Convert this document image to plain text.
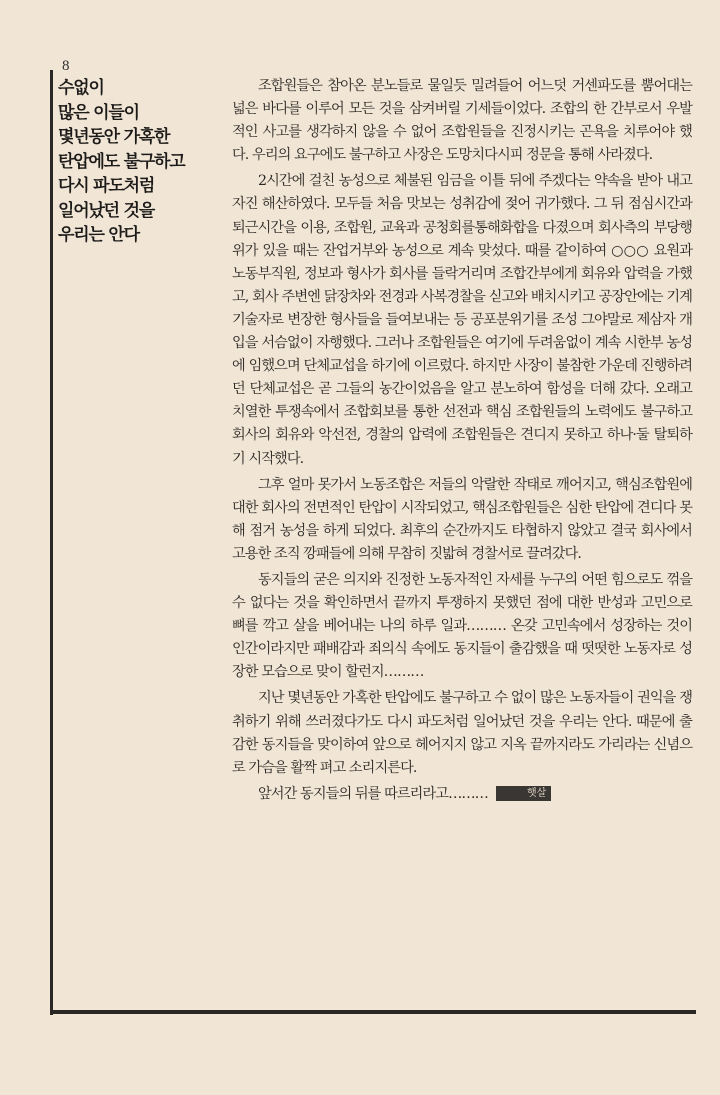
8
수없이
많은 이들이
몇년동안 가혹한
탄압에도 불구하고
다시 파도처럼
일어났던 것을
우리는 안다

조합원들은 참아온 분노들로 물일듯 밀려들어 어느덧 거센파도를 뿜어대는 넓은 바다를 이루어 모든 것을 삼켜버릴 기세들이었다. 조합의 한 간부로서 우발적인 사고를 생각하지 않을 수 없어 조합원들을 진정시키는 곤욕을 치루어야 했다. 우리의 요구에도 불구하고 사장은 도망치다시피 정문을 통해 사라졌다.

2시간에 걸친 농성으로 체불된 임금을 이틀 뒤에 주겠다는 약속을 받아 내고 자진 해산하였다. 모두들 처음 맛보는 성취감에 젖어 귀가했다. 그 뒤 점심시간과 퇴근시간을 이용, 조합원, 교육과 공청회를통해화합을 다졌으며 회사측의 부당행위가 있을 때는 잔업거부와 농성으로 계속 맞섰다. 때를 같이하여 ○○○ 요원과 노동부직원, 정보과 형사가 회사를 들락거리며 조합간부에게 회유와 압력을 가했고, 회사 주변엔 닭장차와 전경과 사복경찰을 싣고와 배치시키고 공장안에는 기계 기술자로 변장한 형사들을 들여보내는 등 공포분위기를 조성 그야말로 제삼자 개입을 서슴없이 자행했다. 그러나 조합원들은 여기에 두려움없이 계속 시한부 농성에 임했으며 단체교섭을 하기에 이르렀다. 하지만 사장이 불참한 가운데 진행하려던 단체교섭은 곧 그들의 농간이었음을 알고 분노하여 함성을 더해 갔다. 오래고 치열한 투쟁속에서 조합회보를 통한 선전과 핵심 조합원들의 노력에도 불구하고 회사의 회유와 악선전, 경찰의 압력에 조합원들은 견디지 못하고 하나·둘 탈퇴하기 시작했다.

그후 얼마 못가서 노동조합은 저들의 악랄한 작태로 깨어지고, 핵심조합원에 대한 회사의 전면적인 탄압이 시작되었고, 핵심조합원들은 심한 탄압에 견디다 못해 점거 농성을 하게 되었다. 최후의 순간까지도 타협하지 않았고 결국 회사에서 고용한 조직 깡패들에 의해 무참히 짓밟혀 경찰서로 끌려갔다.

동지들의 굳은 의지와 진정한 노동자적인 자세를 누구의 어떤 힘으로도 꺾을 수 없다는 것을 확인하면서 끝까지 투쟁하지 못했던 점에 대한 반성과 고민으로 뼈를 깍고 살을 베어내는 나의 하루 일과……… 온갖 고민속에서 성장하는 것이 인간이라지만 패배감과 죄의식 속에도 동지들이 출감했을 때 떳떳한 노동자로 성장한 모습으로 맞이 할런지………

지난 몇년동안 가혹한 탄압에도 불구하고 수 없이 많은 노동자들이 권익을 쟁취하기 위해 쓰러졌다가도 다시 파도처럼 일어났던 것을 우리는 안다. 때문에 출감한 동지들을 맞이하여 앞으로 헤어지지 않고 지옥 끝까지라도 가리라는 신념으로 가슴을 활짝 펴고 소리지른다.

앞서간 동지들의 뒤를 따르리라고………	햇살
